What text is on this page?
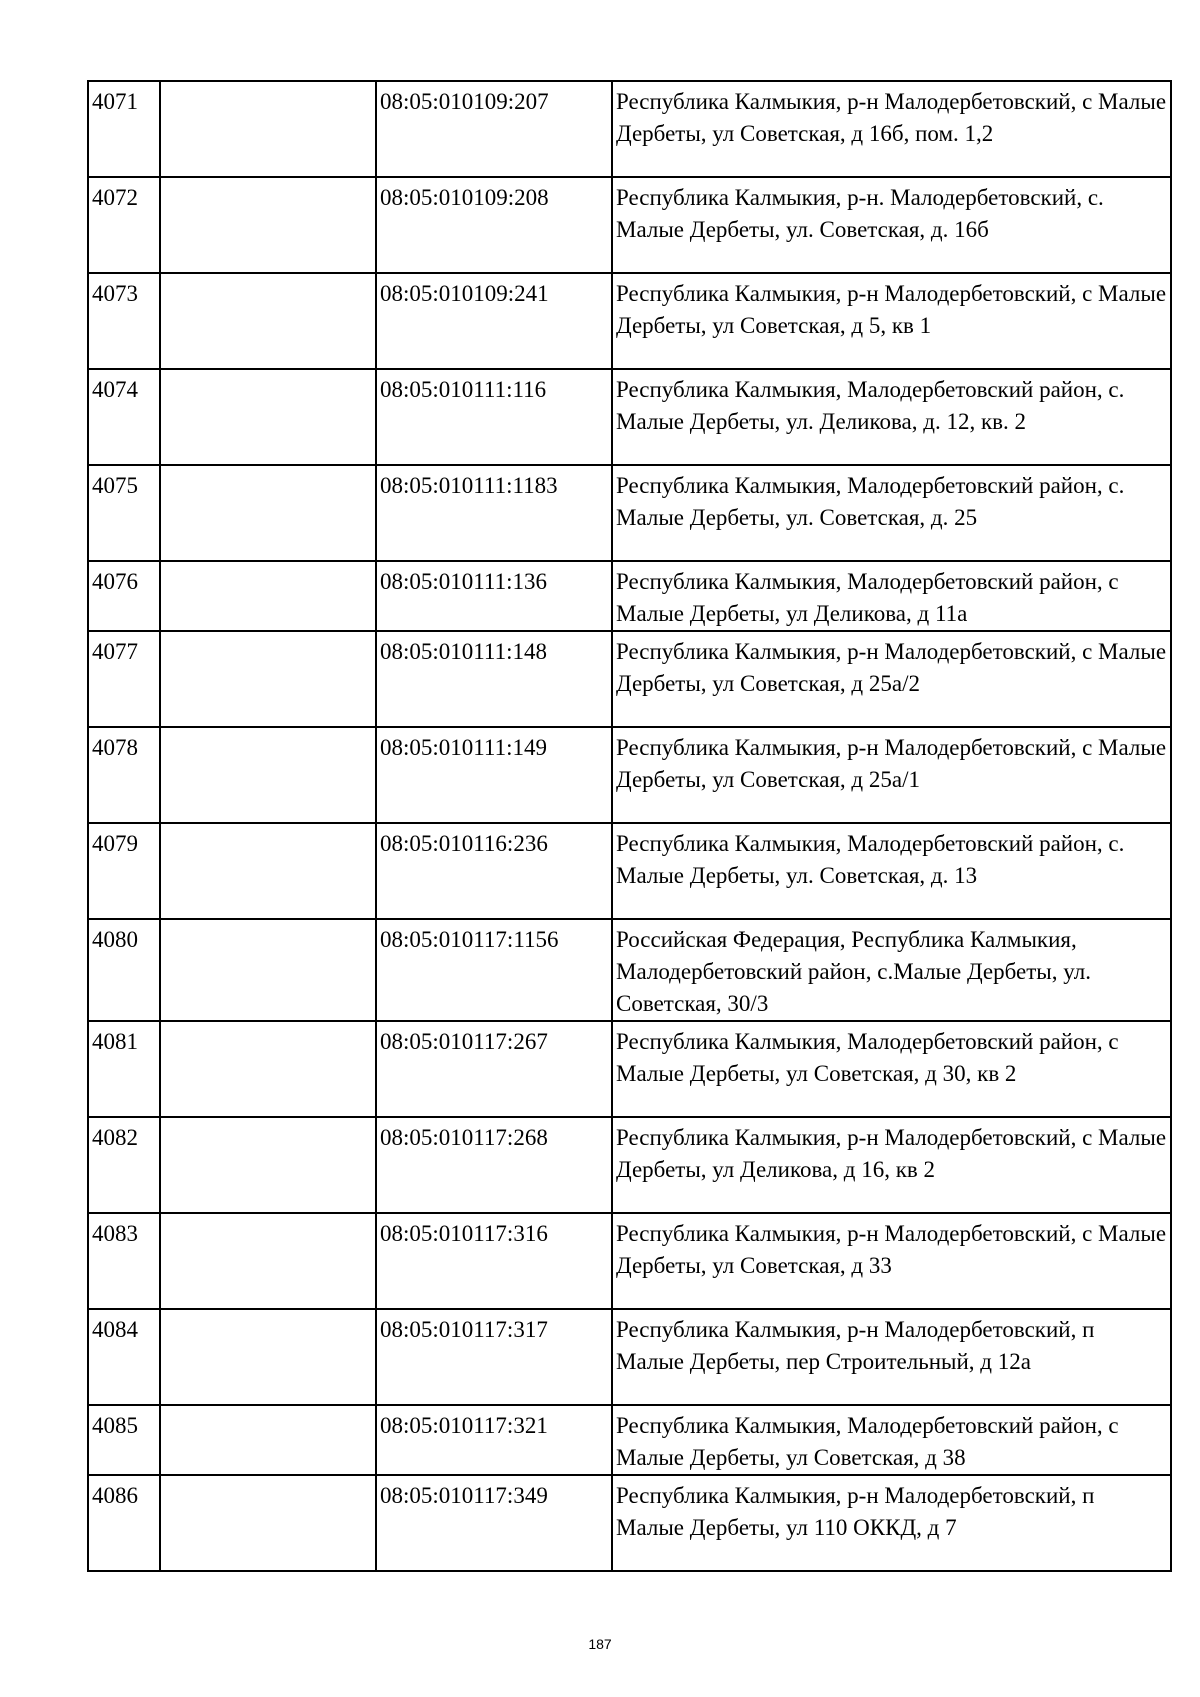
4071		08:05:010109:207	Республика Калмыкия, р-н Малодербетовский, с Малые Дербеты, ул Советская, д 16б, пом. 1,2
4072		08:05:010109:208	Республика Калмыкия, р-н. Малодербетовский, с. Малые Дербеты, ул. Советская, д. 16б
4073		08:05:010109:241	Республика Калмыкия, р-н Малодербетовский, с Малые Дербеты, ул Советская, д 5, кв 1
4074		08:05:010111:116	Республика Калмыкия, Малодербетовский район, с. Малые Дербеты, ул. Деликова, д. 12, кв. 2
4075		08:05:010111:1183	Республика Калмыкия, Малодербетовский район, с. Малые Дербеты, ул. Советская, д. 25
4076		08:05:010111:136	Республика Калмыкия, Малодербетовский район, с Малые Дербеты, ул Деликова, д 11а
4077		08:05:010111:148	Республика Калмыкия, р-н Малодербетовский, с Малые Дербеты, ул Советская, д 25а/2
4078		08:05:010111:149	Республика Калмыкия, р-н Малодербетовский, с Малые Дербеты, ул Советская, д 25а/1
4079		08:05:010116:236	Республика Калмыкия, Малодербетовский район, с. Малые Дербеты, ул. Советская, д. 13
4080		08:05:010117:1156	Российская Федерация, Республика Калмыкия, Малодербетовский район, с.Малые Дербеты, ул. Советская, 30/3
4081		08:05:010117:267	Республика Калмыкия, Малодербетовский район, с Малые Дербеты, ул Советская, д 30, кв 2
4082		08:05:010117:268	Республика Калмыкия, р-н Малодербетовский, с Малые Дербеты, ул Деликова, д 16, кв 2
4083		08:05:010117:316	Республика Калмыкия, р-н Малодербетовский, с Малые Дербеты, ул Советская, д 33
4084		08:05:010117:317	Республика Калмыкия, р-н Малодербетовский, п Малые Дербеты, пер Строительный, д 12а
4085		08:05:010117:321	Республика Калмыкия, Малодербетовский район, с Малые Дербеты, ул Советская, д 38
4086		08:05:010117:349	Республика Калмыкия, р-н Малодербетовский, п Малые Дербеты, ул 110 ОККД, д 7
187
